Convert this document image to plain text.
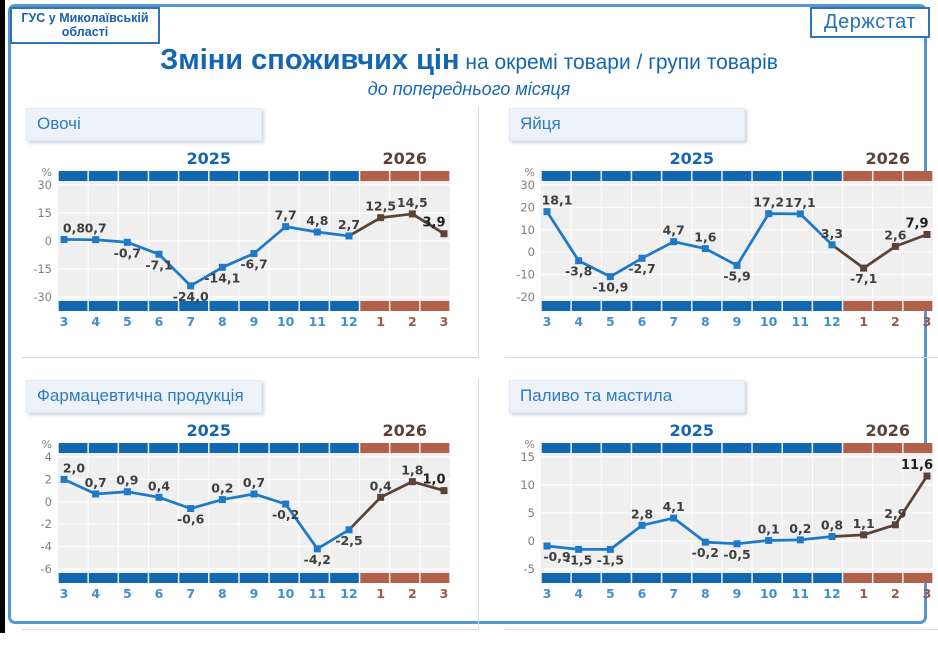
ГУС у Миколаївській області	Держстат
Зміни споживчих цін на окремі товари / групи товарів
до попереднього місяця
Овочі
2025	2026
%
30
15
0
-15
-30
0,8 0,7
-0,7
-7,1
-24,0
-14,1
-6,7
7,7 4,8 2,7
12,5 14,5
3,9
3 4 5 6 7 8 9 10 11 12 1 2 3
Яйця
2025	2026
%
30
20
10
0
-10
-20
18,1
-3,8
-10,9
-2,7
4,7 1,6
-5,9
17,2 17,1
3,3
-7,1
2,6
7,9
3 4 5 6 7 8 9 10 11 12 1 2 3
Фармацевтична продукція
2025	2026
%
4
2
0
-2
-4
-6
2,0
0,7 0,9 0,4
-0,6
0,2 0,7
-0,2
-4,2
-2,5
0,4
1,8
1,0
3 4 5 6 7 8 9 10 11 12 1 2 3
Паливо та мастила
2025	2026
%
15
10
5
0
-5
-0,9
-1,5 -1,5
2,8 4,1
-0,2 -0,5
0,1 0,2 0,8 1,1
2,9
11,6
3 4 5 6 7 8 9 10 11 12 1 2 3
